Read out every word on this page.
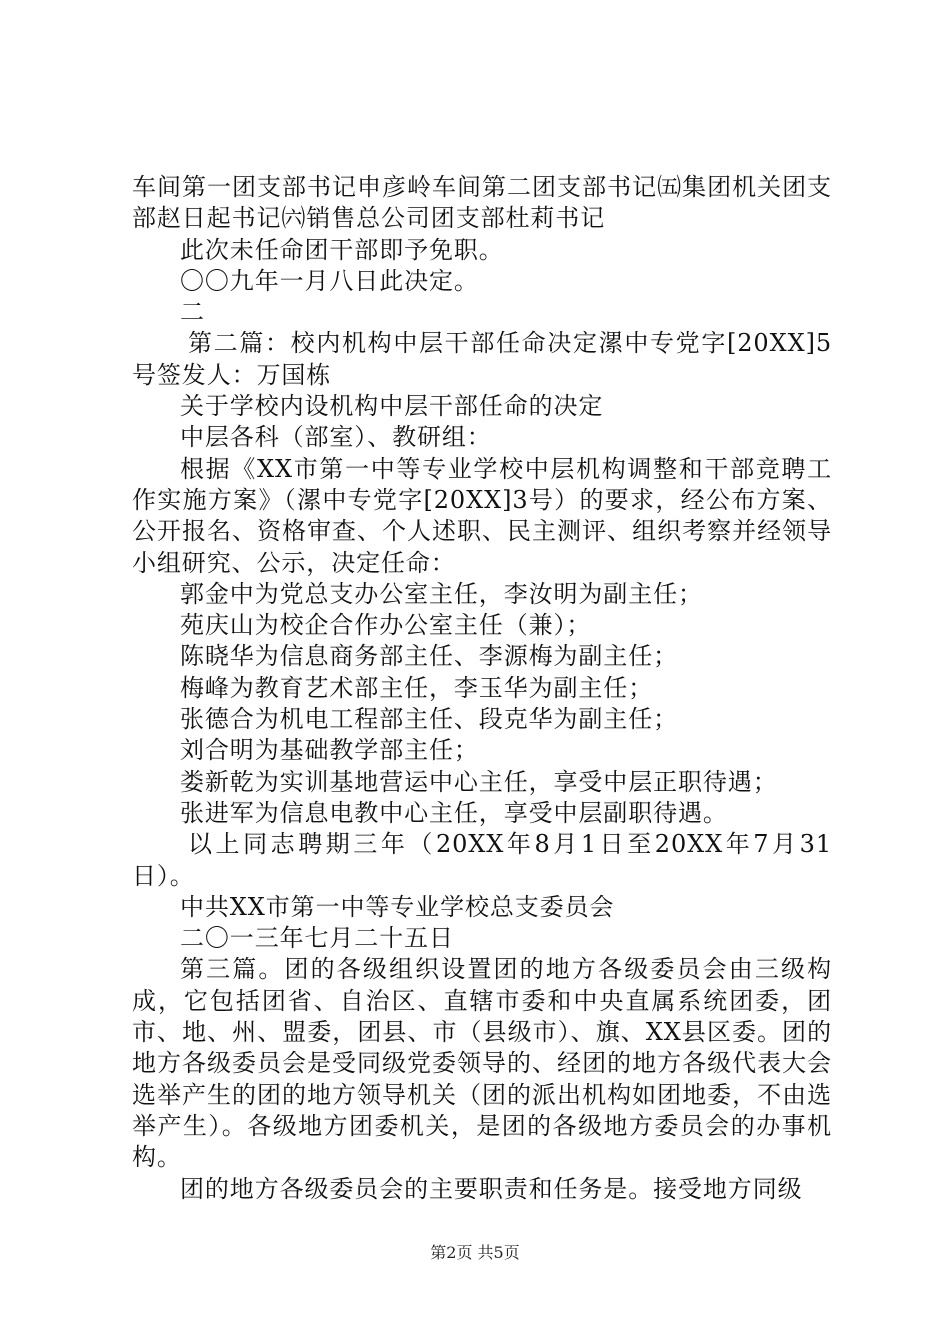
车间第一团支部书记申彦岭车间第二团支部书记㈤集团机关团支部赵日起书记㈥销售总公司团支部杜莉书记

此次未任命团干部即予免职。

〇〇九年一月八日此决定。

二

第二篇：校内机构中层干部任命决定漯中专党字[20XX]5号签发人：万国栋

关于学校内设机构中层干部任命的决定

中层各科（部室）、教研组：

根据《XX市第一中等专业学校中层机构调整和干部竞聘工作实施方案》（漯中专党字[20XX]3号）的要求，经公布方案、公开报名、资格审查、个人述职、民主测评、组织考察并经领导小组研究、公示，决定任命：

郭金中为党总支办公室主任，李汝明为副主任；

苑庆山为校企合作办公室主任（兼）；

陈晓华为信息商务部主任、李源梅为副主任；

梅峰为教育艺术部主任，李玉华为副主任；

张德合为机电工程部主任、段克华为副主任；

刘合明为基础教学部主任；

娄新乾为实训基地营运中心主任，享受中层正职待遇；

张进军为信息电教中心主任，享受中层副职待遇。

以上同志聘期三年（20XX年8月1日至20XX年7月31日）。

中共XX市第一中等专业学校总支委员会

二〇一三年七月二十五日

第三篇。团的各级组织设置团的地方各级委员会由三级构成，它包括团省、自治区、直辖市委和中央直属系统团委，团市、地、州、盟委，团县、市（县级市）、旗、XX县区委。团的地方各级委员会是受同级党委领导的、经团的地方各级代表大会选举产生的团的地方领导机关（团的派出机构如团地委，不由选举产生）。各级地方团委机关，是团的各级地方委员会的办事机构。

团的地方各级委员会的主要职责和任务是。接受地方同级

第2页 共5页
